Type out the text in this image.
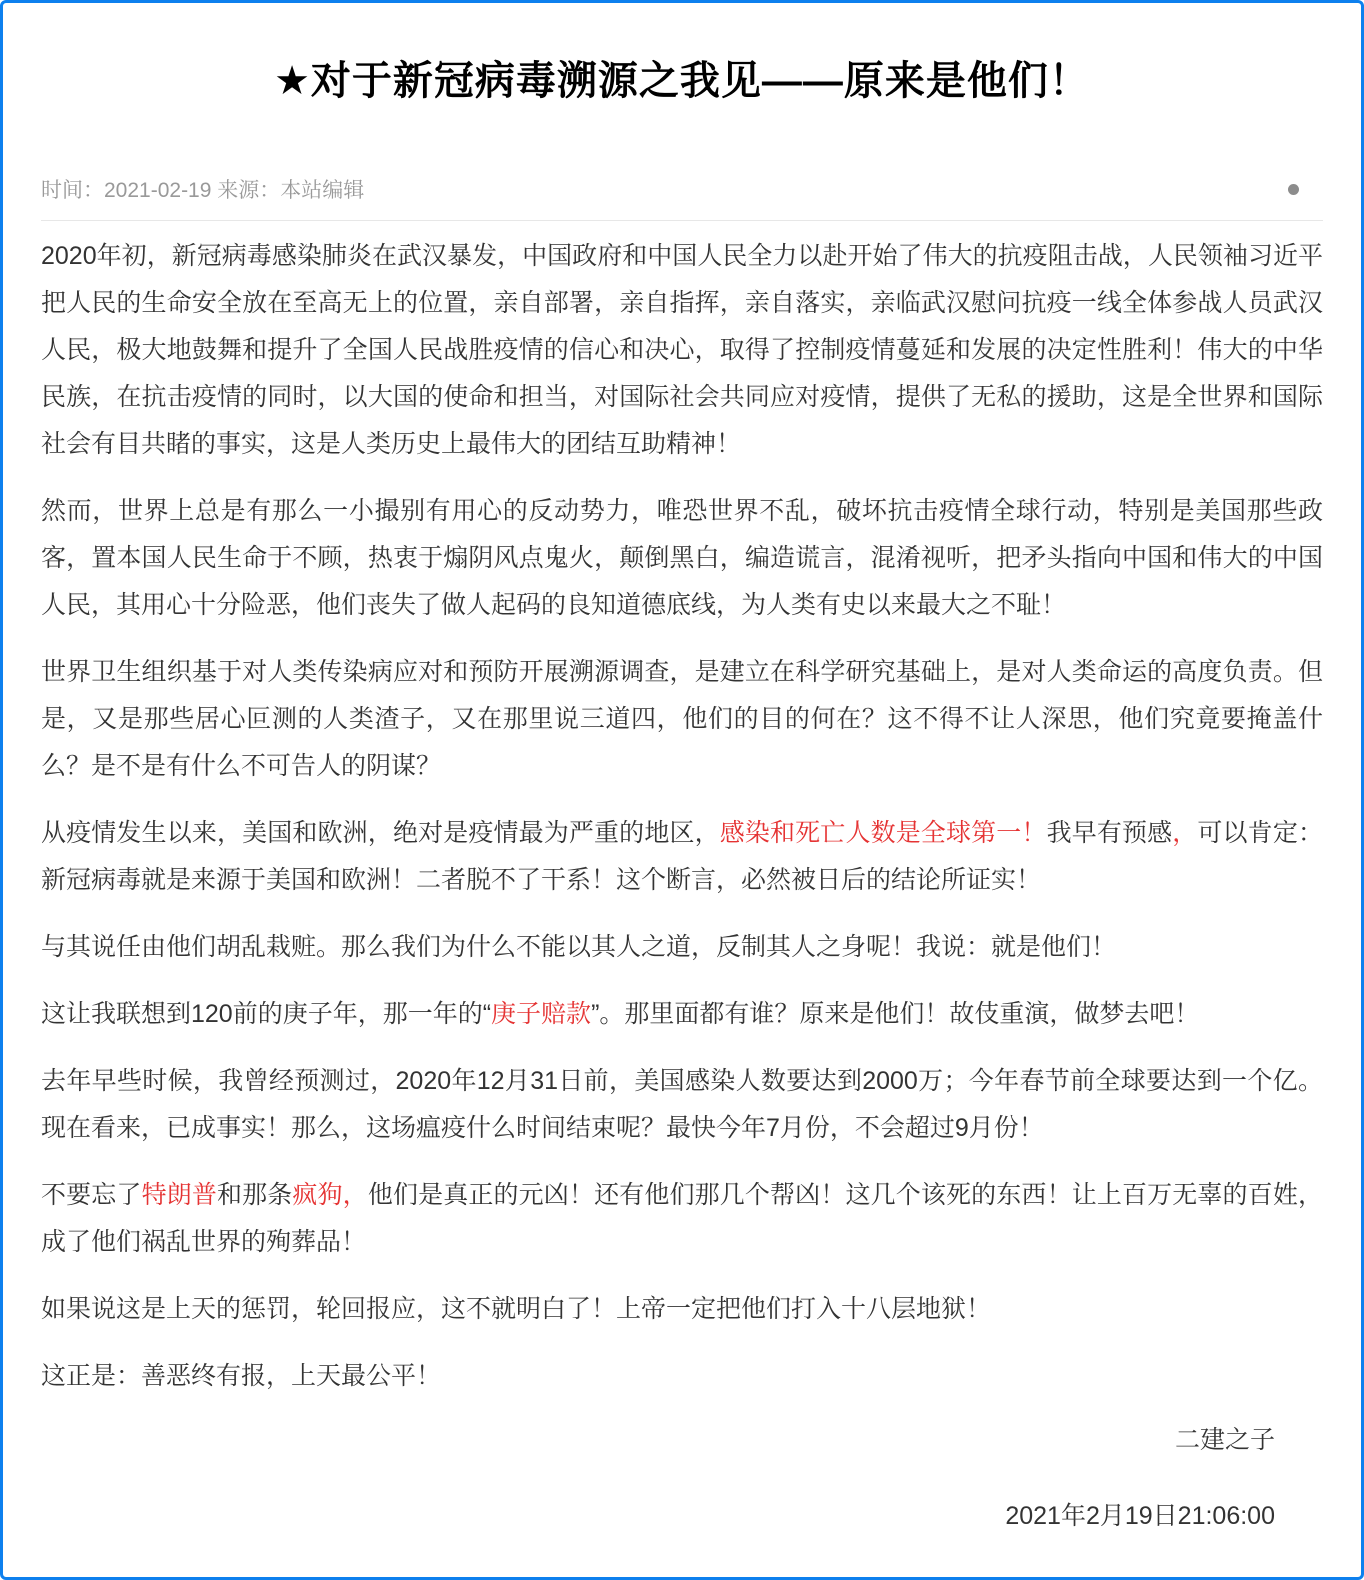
★对于新冠病毒溯源之我见——原来是他们！
时间：2021-02-19 来源：本站编辑

2020年初，新冠病毒感染肺炎在武汉暴发，中国政府和中国人民全力以赴开始了伟大的抗疫阻击战，人民领袖习近平把人民的生命安全放在至高无上的位置，亲自部署，亲自指挥，亲自落实，亲临武汉慰问抗疫一线全体参战人员武汉人民，极大地鼓舞和提升了全国人民战胜疫情的信心和决心，取得了控制疫情蔓延和发展的决定性胜利！伟大的中华民族，在抗击疫情的同时，以大国的使命和担当，对国际社会共同应对疫情，提供了无私的援助，这是全世界和国际社会有目共睹的事实，这是人类历史上最伟大的团结互助精神！

然而，世界上总是有那么一小撮别有用心的反动势力，唯恐世界不乱，破坏抗击疫情全球行动，特别是美国那些政客，置本国人民生命于不顾，热衷于煽阴风点鬼火，颠倒黑白，编造谎言，混淆视听，把矛头指向中国和伟大的中国人民，其用心十分险恶，他们丧失了做人起码的良知道德底线，为人类有史以来最大之不耻！

世界卫生组织基于对人类传染病应对和预防开展溯源调查，是建立在科学研究基础上，是对人类命运的高度负责。但是，又是那些居心叵测的人类渣子，又在那里说三道四，他们的目的何在？这不得不让人深思，他们究竟要掩盖什么？是不是有什么不可告人的阴谋？

从疫情发生以来，美国和欧洲，绝对是疫情最为严重的地区，感染和死亡人数是全球第一！我早有预感，可以肯定：新冠病毒就是来源于美国和欧洲！二者脱不了干系！这个断言，必然被日后的结论所证实！

与其说任由他们胡乱栽赃。那么我们为什么不能以其人之道，反制其人之身呢！我说：就是他们！

这让我联想到120前的庚子年，那一年的“庚子赔款”。那里面都有谁？原来是他们！故伎重演，做梦去吧！

去年早些时候，我曾经预测过，2020年12月31日前，美国感染人数要达到2000万；今年春节前全球要达到一个亿。现在看来，已成事实！那么，这场瘟疫什么时间结束呢？最快今年7月份，不会超过9月份！

不要忘了特朗普和那条疯狗，他们是真正的元凶！还有他们那几个帮凶！这几个该死的东西！让上百万无辜的百姓，成了他们祸乱世界的殉葬品！

如果说这是上天的惩罚，轮回报应，这不就明白了！上帝一定把他们打入十八层地狱！

这正是：善恶终有报，上天最公平！

二建之子
2021年2月19日21:06:00
